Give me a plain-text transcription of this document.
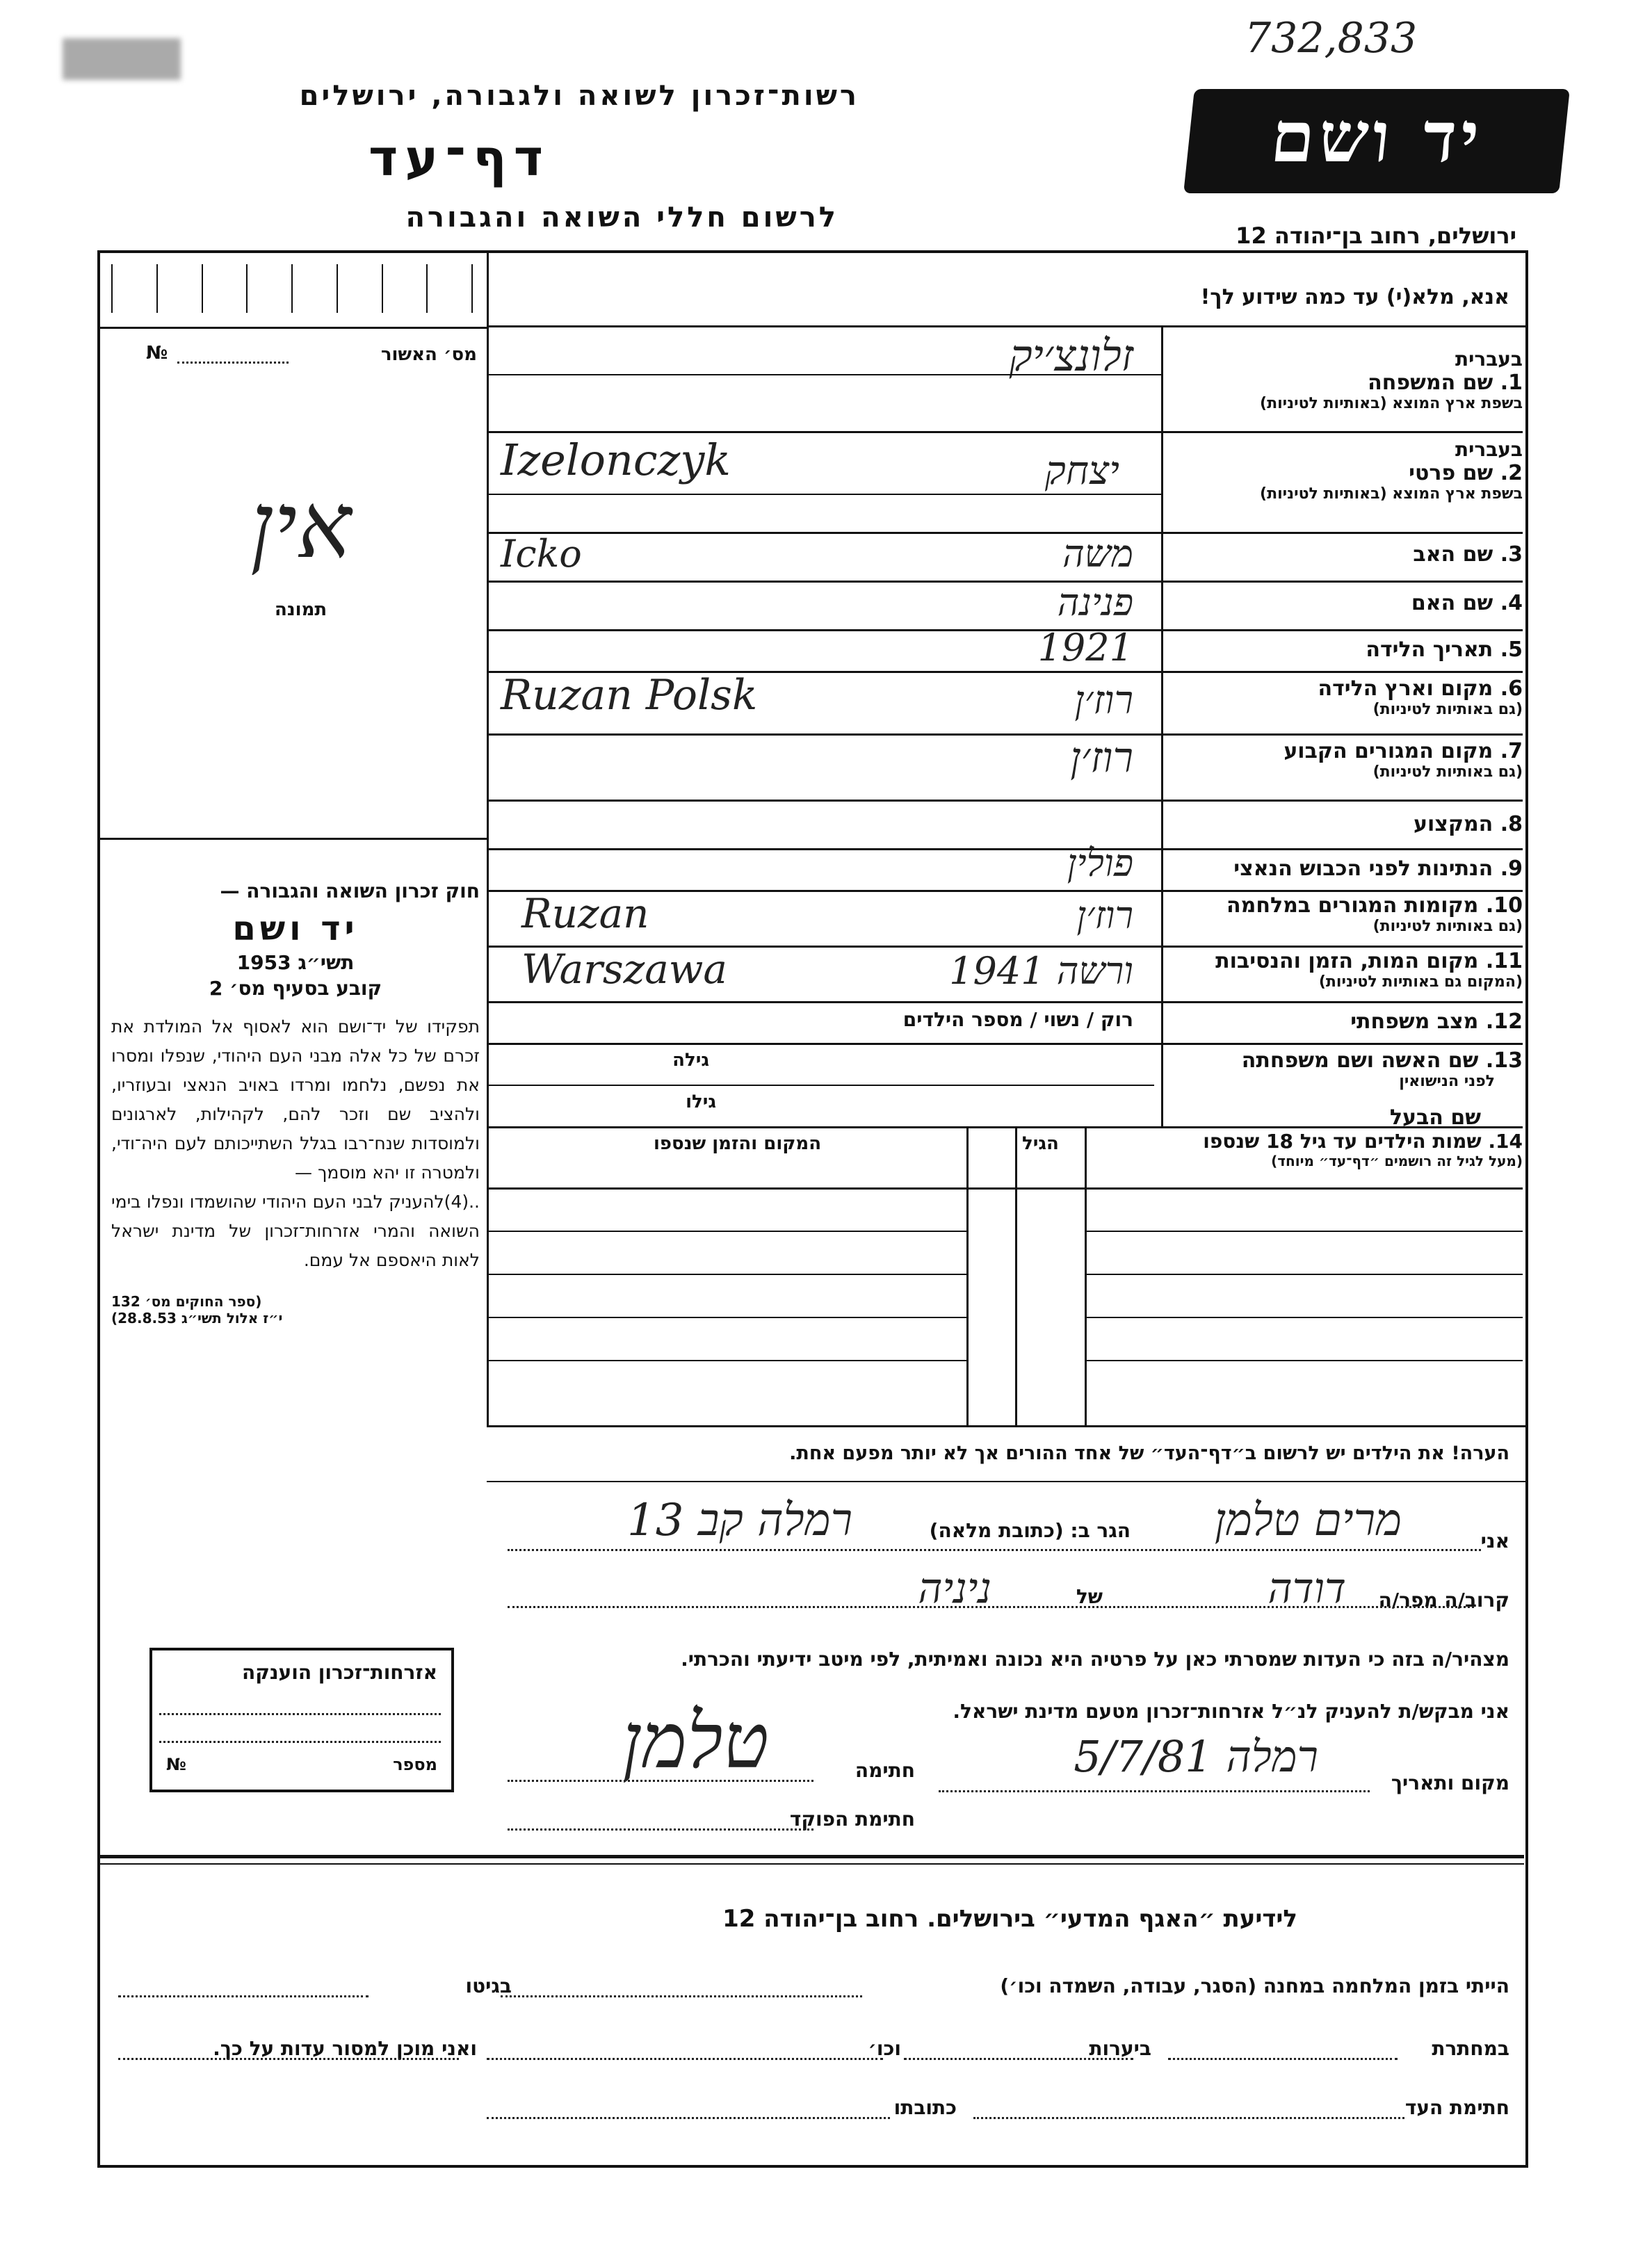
732,833
רשות־זכרון לשואה ולגבורה, ירושלים
דף־עד
לרשום חללי השואה והגבורה
יד ושם
ירושלים, רחוב בן־יהודה 12
אנא, מלא(י) עד כמה שידוע לך!
מס׳ האשור
№
אין
תמונה
חוק זכרון השואה והגבורה —
יד ושם
תשי״ג 1953
קובע בסעיף מס׳ 2
תפקידו של יד־ושם הוא לאסוף אל המולדת את זכרם של כל אלה מבני העם היהודי, שנפלו ומסרו את נפשם, נלחמו ומרדו באויב הנאצי ובעוזריו, ולהציב שם וזכר להם, לקהילות, לארגונים ולמוסדות שנח־רבו בגלל השתייכותם לעם היה־ודי, ולמטרה זו יהא מוסמך —
..(4)להעניק לבני העם היהודי שהושמדו ונפלו בימי השואה והמרי אזרחות־זכרון של מדינת ישראל לאות היאספם אל עמם.
(ספר החוקים מס׳ 132
י״ז אלול תשי״ג 28.8.53)
בעברית
1. שם המשפחה
בשפת ארץ המוצא (באותיות לטיניות)
זלונצ׳יק
בעברית
2. שם פרטי
בשפת ארץ המוצא (באותיות לטיניות)
Izelonczyk	יצחק
3. שם האב
Icko	משה
4. שם האם
פנינה
5. תאריך הלידה
1921
6. מקום וארץ הלידה
(גם באותיות לטיניות)
Ruzan Polsk	רוז׳ן
7. מקום המגורים הקבוע
(גם באותיות לטיניות)
רוז׳ן
8. המקצוע
9. הנתינות לפני הכבוש הנאצי
פולין
10. מקומות המגורים במלחמה
(גם באותיות לטיניות)
Ruzan	רוז׳ן
11. מקום המות, הזמן והנסיבות
(המקום גם באותיות לטיניות)
Warszawa	ורשה 1941
12. מצב משפחתי
רוק / נשוי / מספר הילדים
13. שם האשה ושם משפחתה
לפני הנישואין
שם הבעל
גילה
גילו
14. שמות הילדים עד גיל 18 שנספו
(מעל לגיל זה רושמים ״דף־עד״ מיוחד)
הגיל
המקום והזמן שנספו
הערה! את הילדים יש לרשום ב״דף־העד״ של אחד ההורים אך לא יותר מפעם אחת.
אני
מרים טלמן
הגר ב: (כתובת מלאה)
רמלה קב 13
קרוב/ה מפר/ה
דודה
של
ניניה
מצהיר/ה בזה כי העדות שמסרתי כאן על פרטיה היא נכונה ואמיתית, לפי מיטב ידיעתי והכרתי.
אני מבקש/ת להעניק לנ״ל אזרחות־זכרון מטעם מדינת ישראל.
מקום ותאריך
רמלה 5/7/81
חתימה
טלמן
חתימת הפוקד
אזרחות־זכרון הוענקה
מספר
№
לידיעת ״האגף המדעי״ בירושלים. רחוב בן־יהודה 12
הייתי בזמן המלחמה במחנה (הסגר, עבודה, השמדה וכו׳)
בגיטו
במחתרת
ביערות
וכו׳
ואני מוכן למסור עדות על כך.
חתימת העד
כתובתו
